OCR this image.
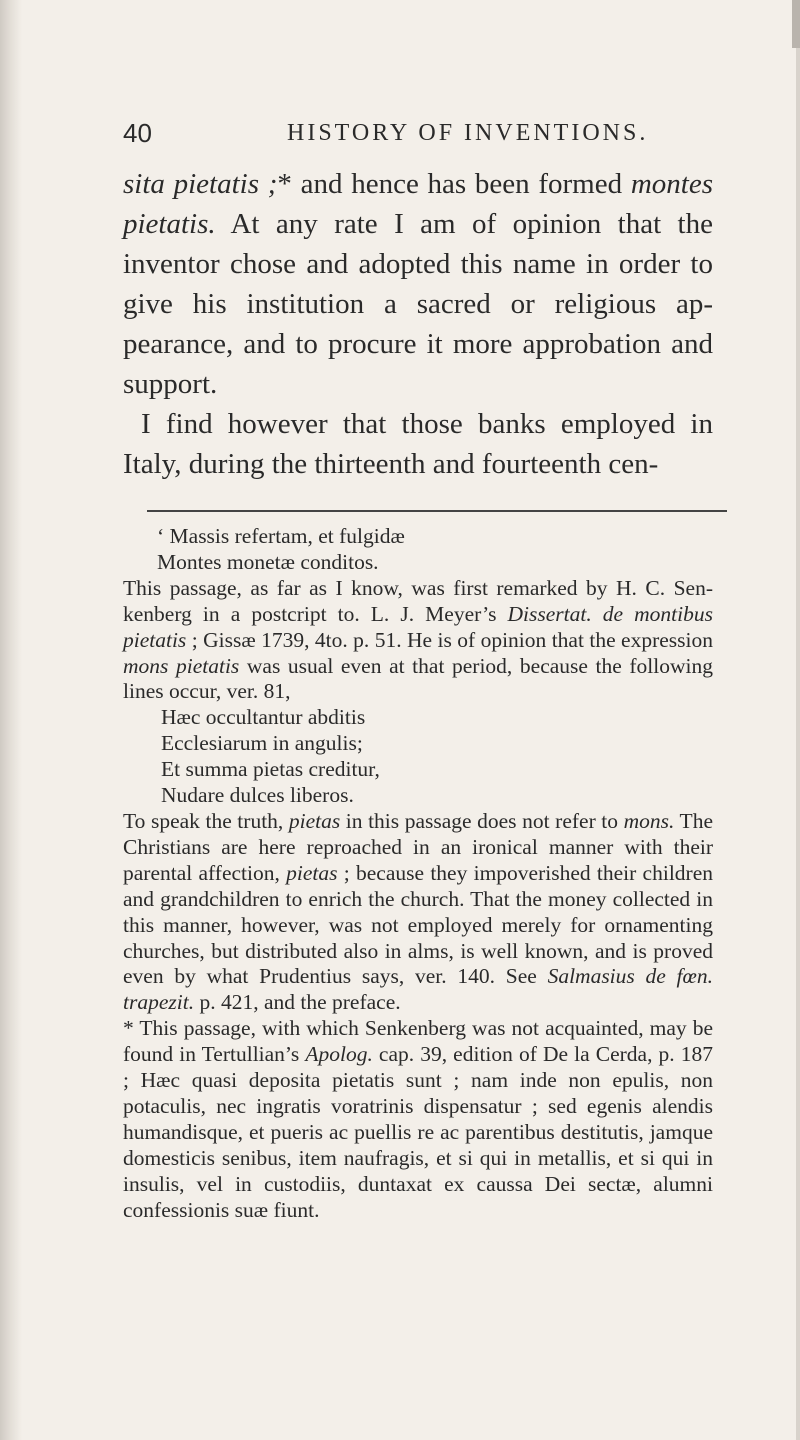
40	HISTORY OF INVENTIONS.

sita pietatis ;* and hence has been formed montes pietatis. At any rate I am of opinion that the inventor chose and adopted this name in order to give his institution a sacred or religious appearance, and to procure it more approbation and support.

I find however that those banks employed in Italy, during the thirteenth and fourteenth cen-

‘ Massis refertam, et fulgidæ

Montes monetæ conditos.

This passage, as far as I know, was first remarked by H. C. Senkenberg in a postcript to. L. J. Meyer’s Dissertat. de montibus pietatis ; Gissæ 1739, 4to. p. 51. He is of opinion that the expression mons pietatis was usual even at that period, because the following lines occur, ver. 81,

Hæc occultantur abditis

Ecclesiarum in angulis;

Et summa pietas creditur,

Nudare dulces liberos.

To speak the truth, pietas in this passage does not refer to mons. The Christians are here reproached in an ironical manner with their parental affection, pietas ; because they impoverished their children and grandchildren to enrich the church. That the money collected in this manner, however, was not employed merely for ornamenting churches, but distributed also in alms, is well known, and is proved even by what Prudentius says, ver. 140. See Salmasius de fœn. trapezit. p. 421, and the preface.

* This passage, with which Senkenberg was not acquainted, may be found in Tertullian’s Apolog. cap. 39, edition of De la Cerda, p. 187 ; Hæc quasi deposita pietatis sunt ; nam inde non epulis, non potaculis, nec ingratis voratrinis dispensatur ; sed egenis alendis humandisque, et pueris ac puellis re ac parentibus destitutis, jamque domesticis senibus, item naufragis, et si qui in metallis, et si qui in insulis, vel in custodiis, duntaxat ex caussa Dei sectæ, alumni confessionis suæ fiunt.
